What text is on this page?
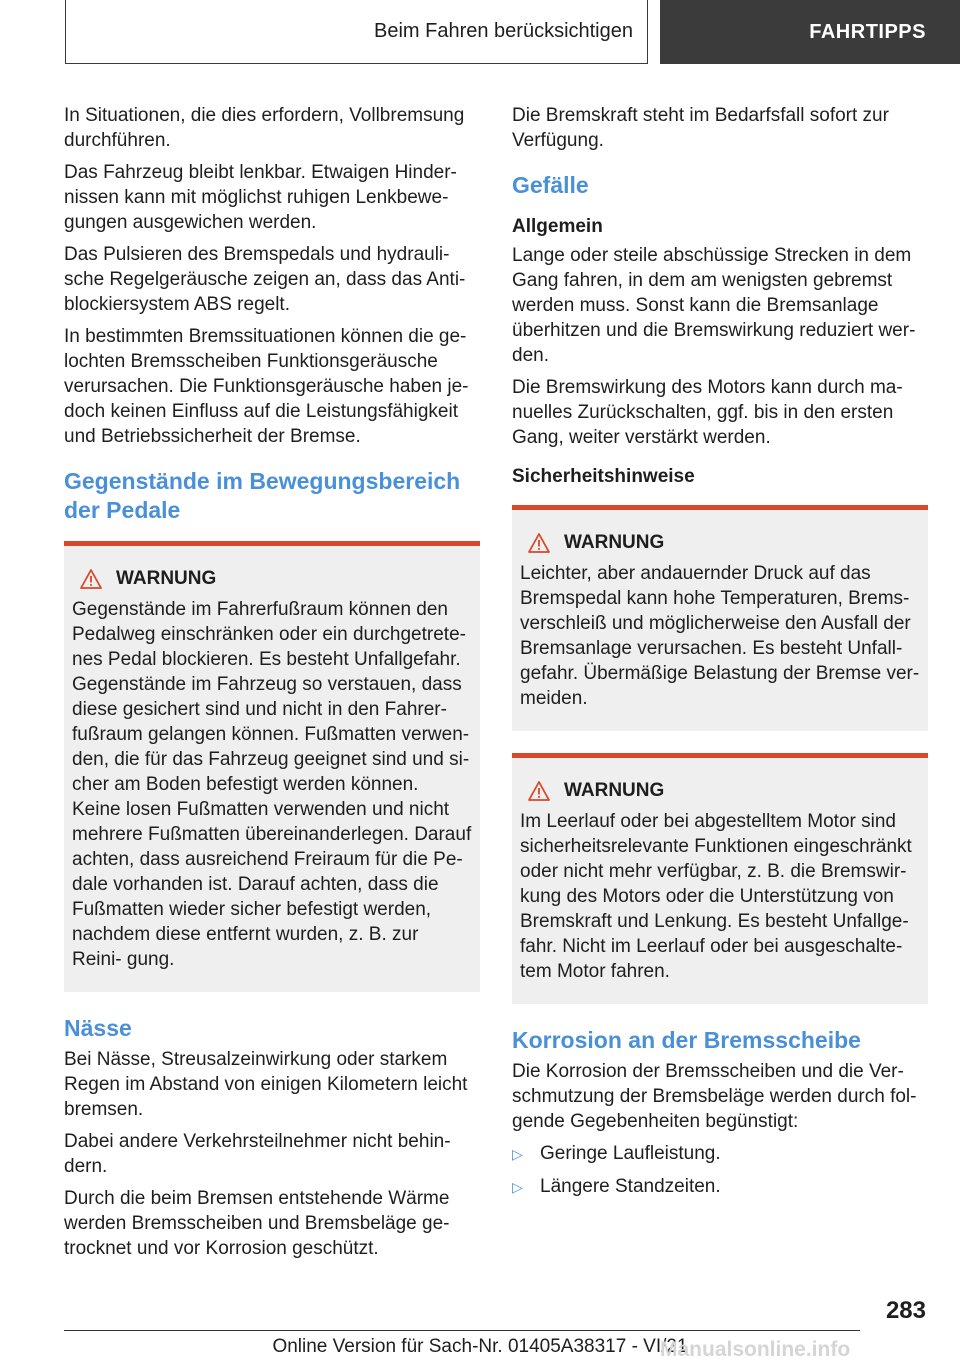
Beim Fahren berücksichtigen	FAHRTIPPS

In Situationen, die dies erfordern, Vollbremsung durchführen.

Das Fahrzeug bleibt lenkbar. Etwaigen Hinder- nissen kann mit möglichst ruhigen Lenkbewe- gungen ausgewichen werden.

Das Pulsieren des Bremspedals und hydrauli- sche Regelgeräusche zeigen an, dass das Anti- blockiersystem ABS regelt.

In bestimmten Bremssituationen können die ge- lochten Bremsscheiben Funktionsgeräusche verursachen. Die Funktionsgeräusche haben je- doch keinen Einfluss auf die Leistungsfähigkeit und Betriebssicherheit der Bremse.

Gegenstände im Bewegungsbereich der Pedale
WARNUNG

Gegenstände im Fahrerfußraum können den Pedalweg einschränken oder ein durchgetrete- nes Pedal blockieren. Es besteht Unfallgefahr. Gegenstände im Fahrzeug so verstauen, dass diese gesichert sind und nicht in den Fahrer- fußraum gelangen können. Fußmatten verwen- den, die für das Fahrzeug geeignet sind und si- cher am Boden befestigt werden können. Keine losen Fußmatten verwenden und nicht mehrere Fußmatten übereinanderlegen. Darauf achten, dass ausreichend Freiraum für die Pe- dale vorhanden ist. Darauf achten, dass die Fußmatten wieder sicher befestigt werden, nachdem diese entfernt wurden, z. B. zur Reini- gung.

Nässe

Bei Nässe, Streusalzeinwirkung oder starkem Regen im Abstand von einigen Kilometern leicht bremsen.

Dabei andere Verkehrsteilnehmer nicht behin- dern.

Durch die beim Bremsen entstehende Wärme werden Bremsscheiben und Bremsbeläge ge- trocknet und vor Korrosion geschützt.

Die Bremskraft steht im Bedarfsfall sofort zur Verfügung.

Gefälle
Allgemein

Lange oder steile abschüssige Strecken in dem Gang fahren, in dem am wenigsten gebremst werden muss. Sonst kann die Bremsanlage überhitzen und die Bremswirkung reduziert wer- den.

Die Bremswirkung des Motors kann durch ma- nuelles Zurückschalten, ggf. bis in den ersten Gang, weiter verstärkt werden.

Sicherheitshinweise
WARNUNG

Leichter, aber andauernder Druck auf das Bremspedal kann hohe Temperaturen, Brems- verschleiß und möglicherweise den Ausfall der Bremsanlage verursachen. Es besteht Unfall- gefahr. Übermäßige Belastung der Bremse ver- meiden.

WARNUNG

Im Leerlauf oder bei abgestelltem Motor sind sicherheitsrelevante Funktionen eingeschränkt oder nicht mehr verfügbar, z. B. die Bremswir- kung des Motors oder die Unterstützung von Bremskraft und Lenkung. Es besteht Unfallge- fahr. Nicht im Leerlauf oder bei ausgeschalte- tem Motor fahren.

Korrosion an der Bremsscheibe

Die Korrosion der Bremsscheiben und die Ver- schmutzung der Bremsbeläge werden durch fol- gende Gegebenheiten begünstigt:

▷ Geringe Laufleistung.
▷ Längere Standzeiten.
283
Online Version für Sach-Nr. 01405A38317 - VI/21
Manualsonline.info
